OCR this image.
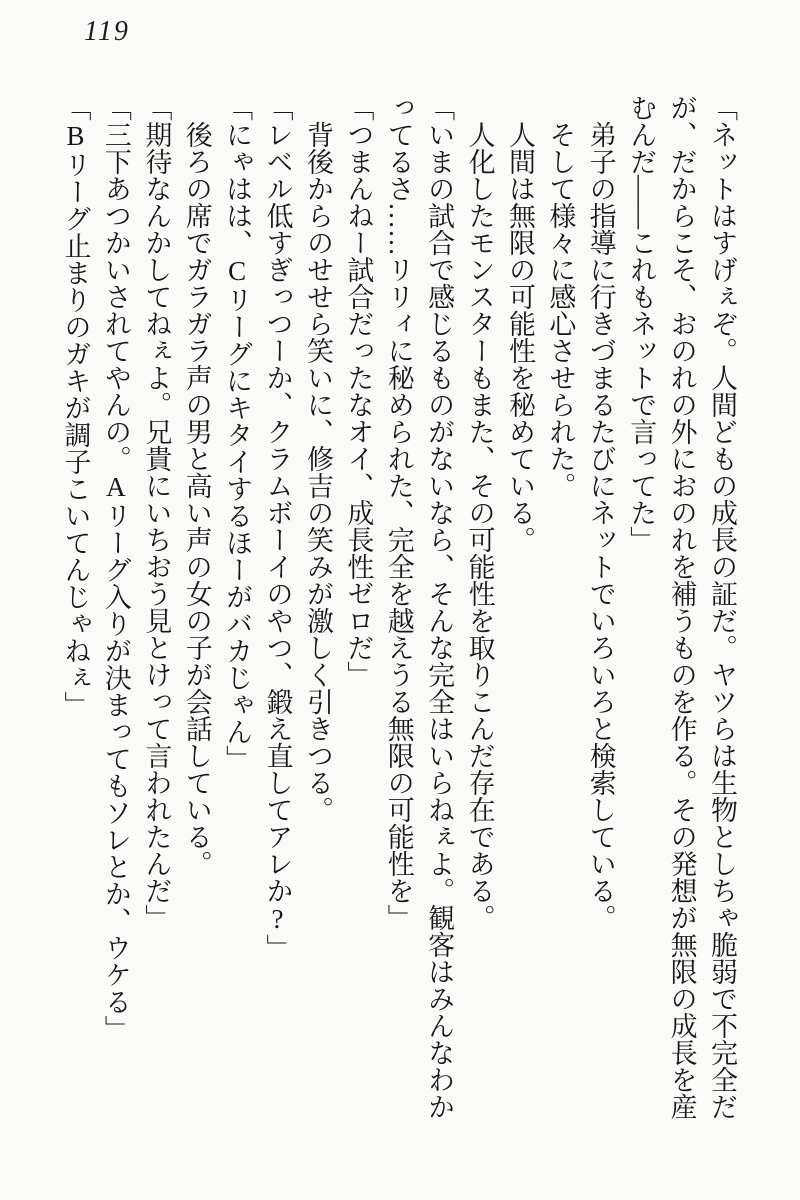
119

「ネットはすげぇぞ。人間どもの成長の証だ。ヤツらは生物としちゃ脆弱で不完全だが、だからこそ、おのれの外におのれを補うものを作る。その発想が無限の成長を産むんだ――これもネットで言ってた」

弟子の指導に行きづまるたびにネットでいろいろと検索している。

そして様々に感心させられた。

人間は無限の可能性を秘めている。

人化したモンスターもまた、その可能性を取りこんだ存在である。

「いまの試合で感じるものがないなら、そんな完全はいらねぇよ。観客はみんなわかってるさ……リリィに秘められた、完全を越えうる無限の可能性を」

「つまんねー試合だったなオイ、成長性ゼロだ」

背後からのせせら笑いに、修吉の笑みが激しく引きつる。

「レベル低すぎっつーか、クラムボーイのやつ、鍛え直してアレか?」

「にゃはは、Cリーグにキタイするほーがバカじゃん」

後ろの席でガラガラ声の男と高い声の女の子が会話している。

「期待なんかしてねぇよ。兄貴にいちおう見とけって言われたんだ」

「三下あつかいされてやんの。Aリーグ入りが決まってもソレとか、ウケる」

「Bリーグ止まりのガキが調子こいてんじゃねぇ」
